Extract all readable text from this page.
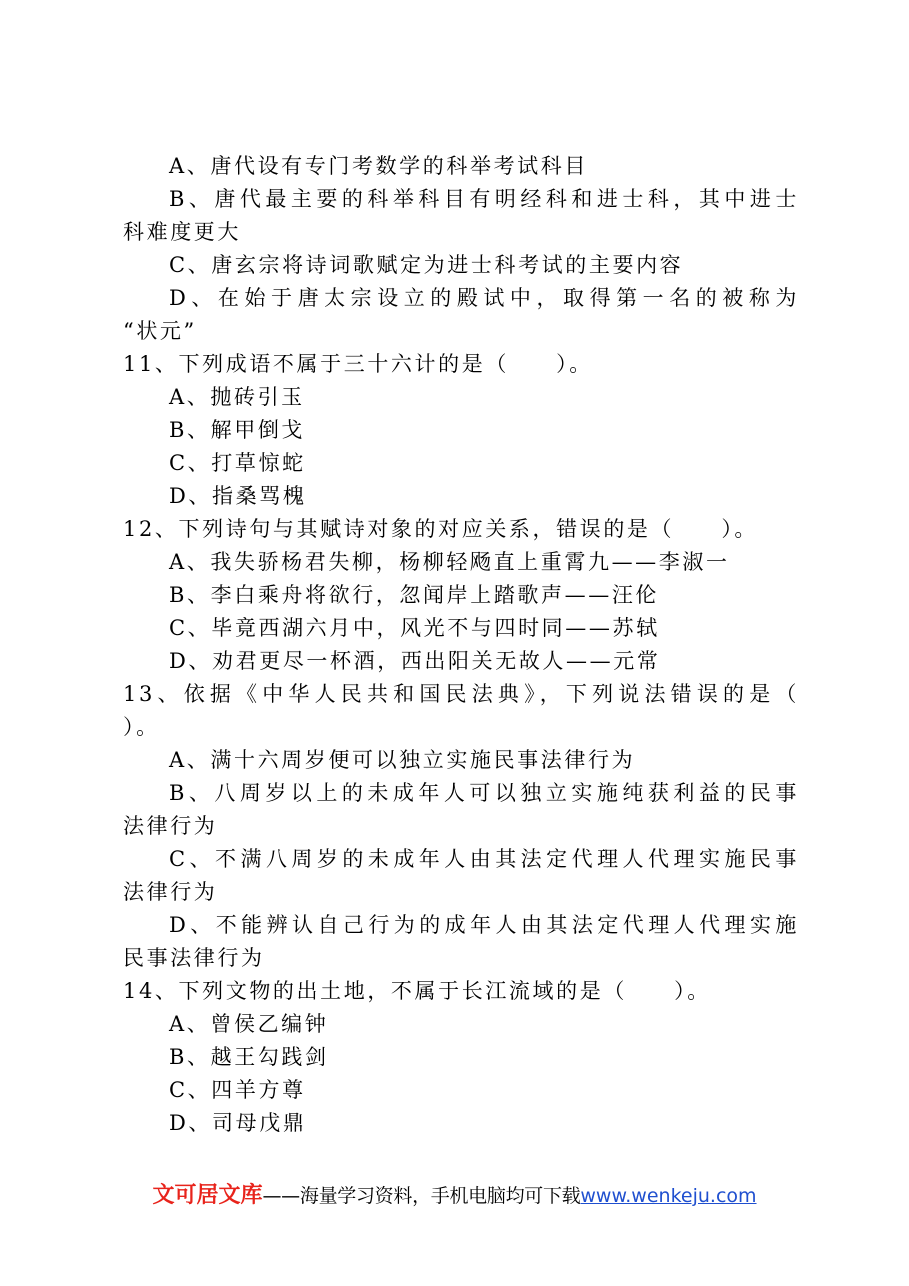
A、唐代设有专门考数学的科举考试科目
B、唐代最主要的科举科目有明经科和进士科，其中进士
科难度更大
C、唐玄宗将诗词歌赋定为进士科考试的主要内容
D、在始于唐太宗设立的殿试中，取得第一名的被称为
“状元”
11、下列成语不属于三十六计的是（　　）。
A、抛砖引玉
B、解甲倒戈
C、打草惊蛇
D、指桑骂槐
12、下列诗句与其赋诗对象的对应关系，错误的是（　　）。
A、我失骄杨君失柳，杨柳轻飏直上重霄九——李淑一
B、李白乘舟将欲行，忽闻岸上踏歌声——汪伦
C、毕竟西湖六月中，风光不与四时同——苏轼
D、劝君更尽一杯酒，西出阳关无故人——元常
13、依据《中华人民共和国民法典》，下列说法错误的是（
）。
A、满十六周岁便可以独立实施民事法律行为
B、八周岁以上的未成年人可以独立实施纯获利益的民事
法律行为
C、不满八周岁的未成年人由其法定代理人代理实施民事
法律行为
D、不能辨认自己行为的成年人由其法定代理人代理实施
民事法律行为
14、下列文物的出土地，不属于长江流域的是（　　）。
A、曾侯乙编钟
B、越王勾践剑
C、四羊方尊
D、司母戊鼎
文可居文库——海量学习资料，手机电脑均可下载www.wenkeju.com
